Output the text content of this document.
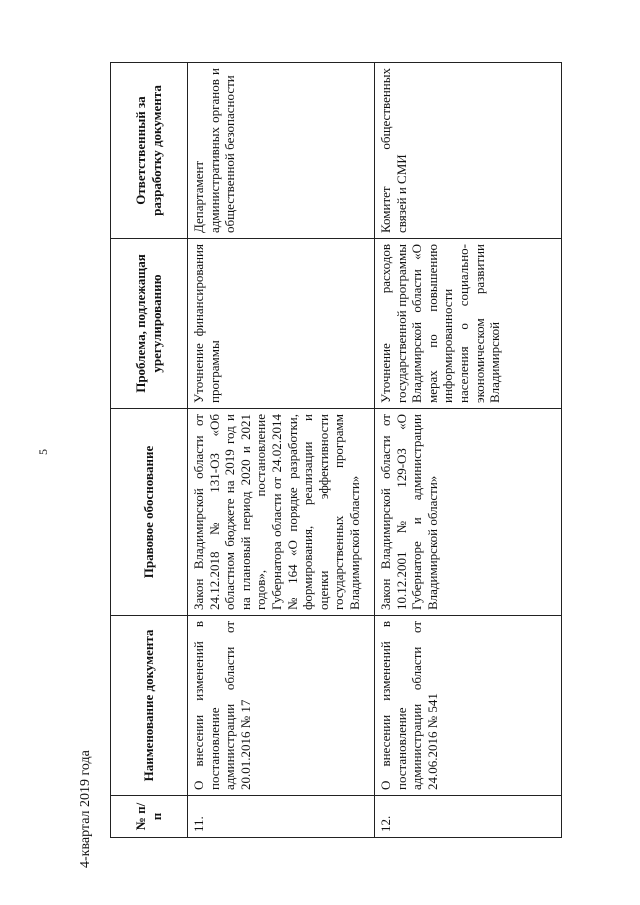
5
4-квартал 2019 года	№ п/п	Наименование документа	Правовое обоснование	Проблема, подлежащая урегулированию	Ответственный за разработку документа
11.	О внесении изменений в постановление администрации области от 20.01.2016 № 17	Закон Владимирской области от 24.12.2018 № 131-ОЗ «Об областном бюджете на 2019 год и на плановый период 2020 и 2021 годов», постановление Губернатора области от 24.02.2014 № 164 «О порядке разработки, формирования, реализации и оценки эффективности государственных программ Владимирской области»	Уточнение финансирования программы	Департамент административных органов и общественной безопасности
12.	О внесении изменений в постановление администрации области от 24.06.2016 № 541	Закон Владимирской области от 10.12.2001 № 129-ОЗ «О Губернаторе и администрации Владимирской области»	Уточнение расходов государственной программы Владимирской области «О мерах по повышению информированности населения о социально-экономическом развитии Владимирской	Комитет общественных связей и СМИ
